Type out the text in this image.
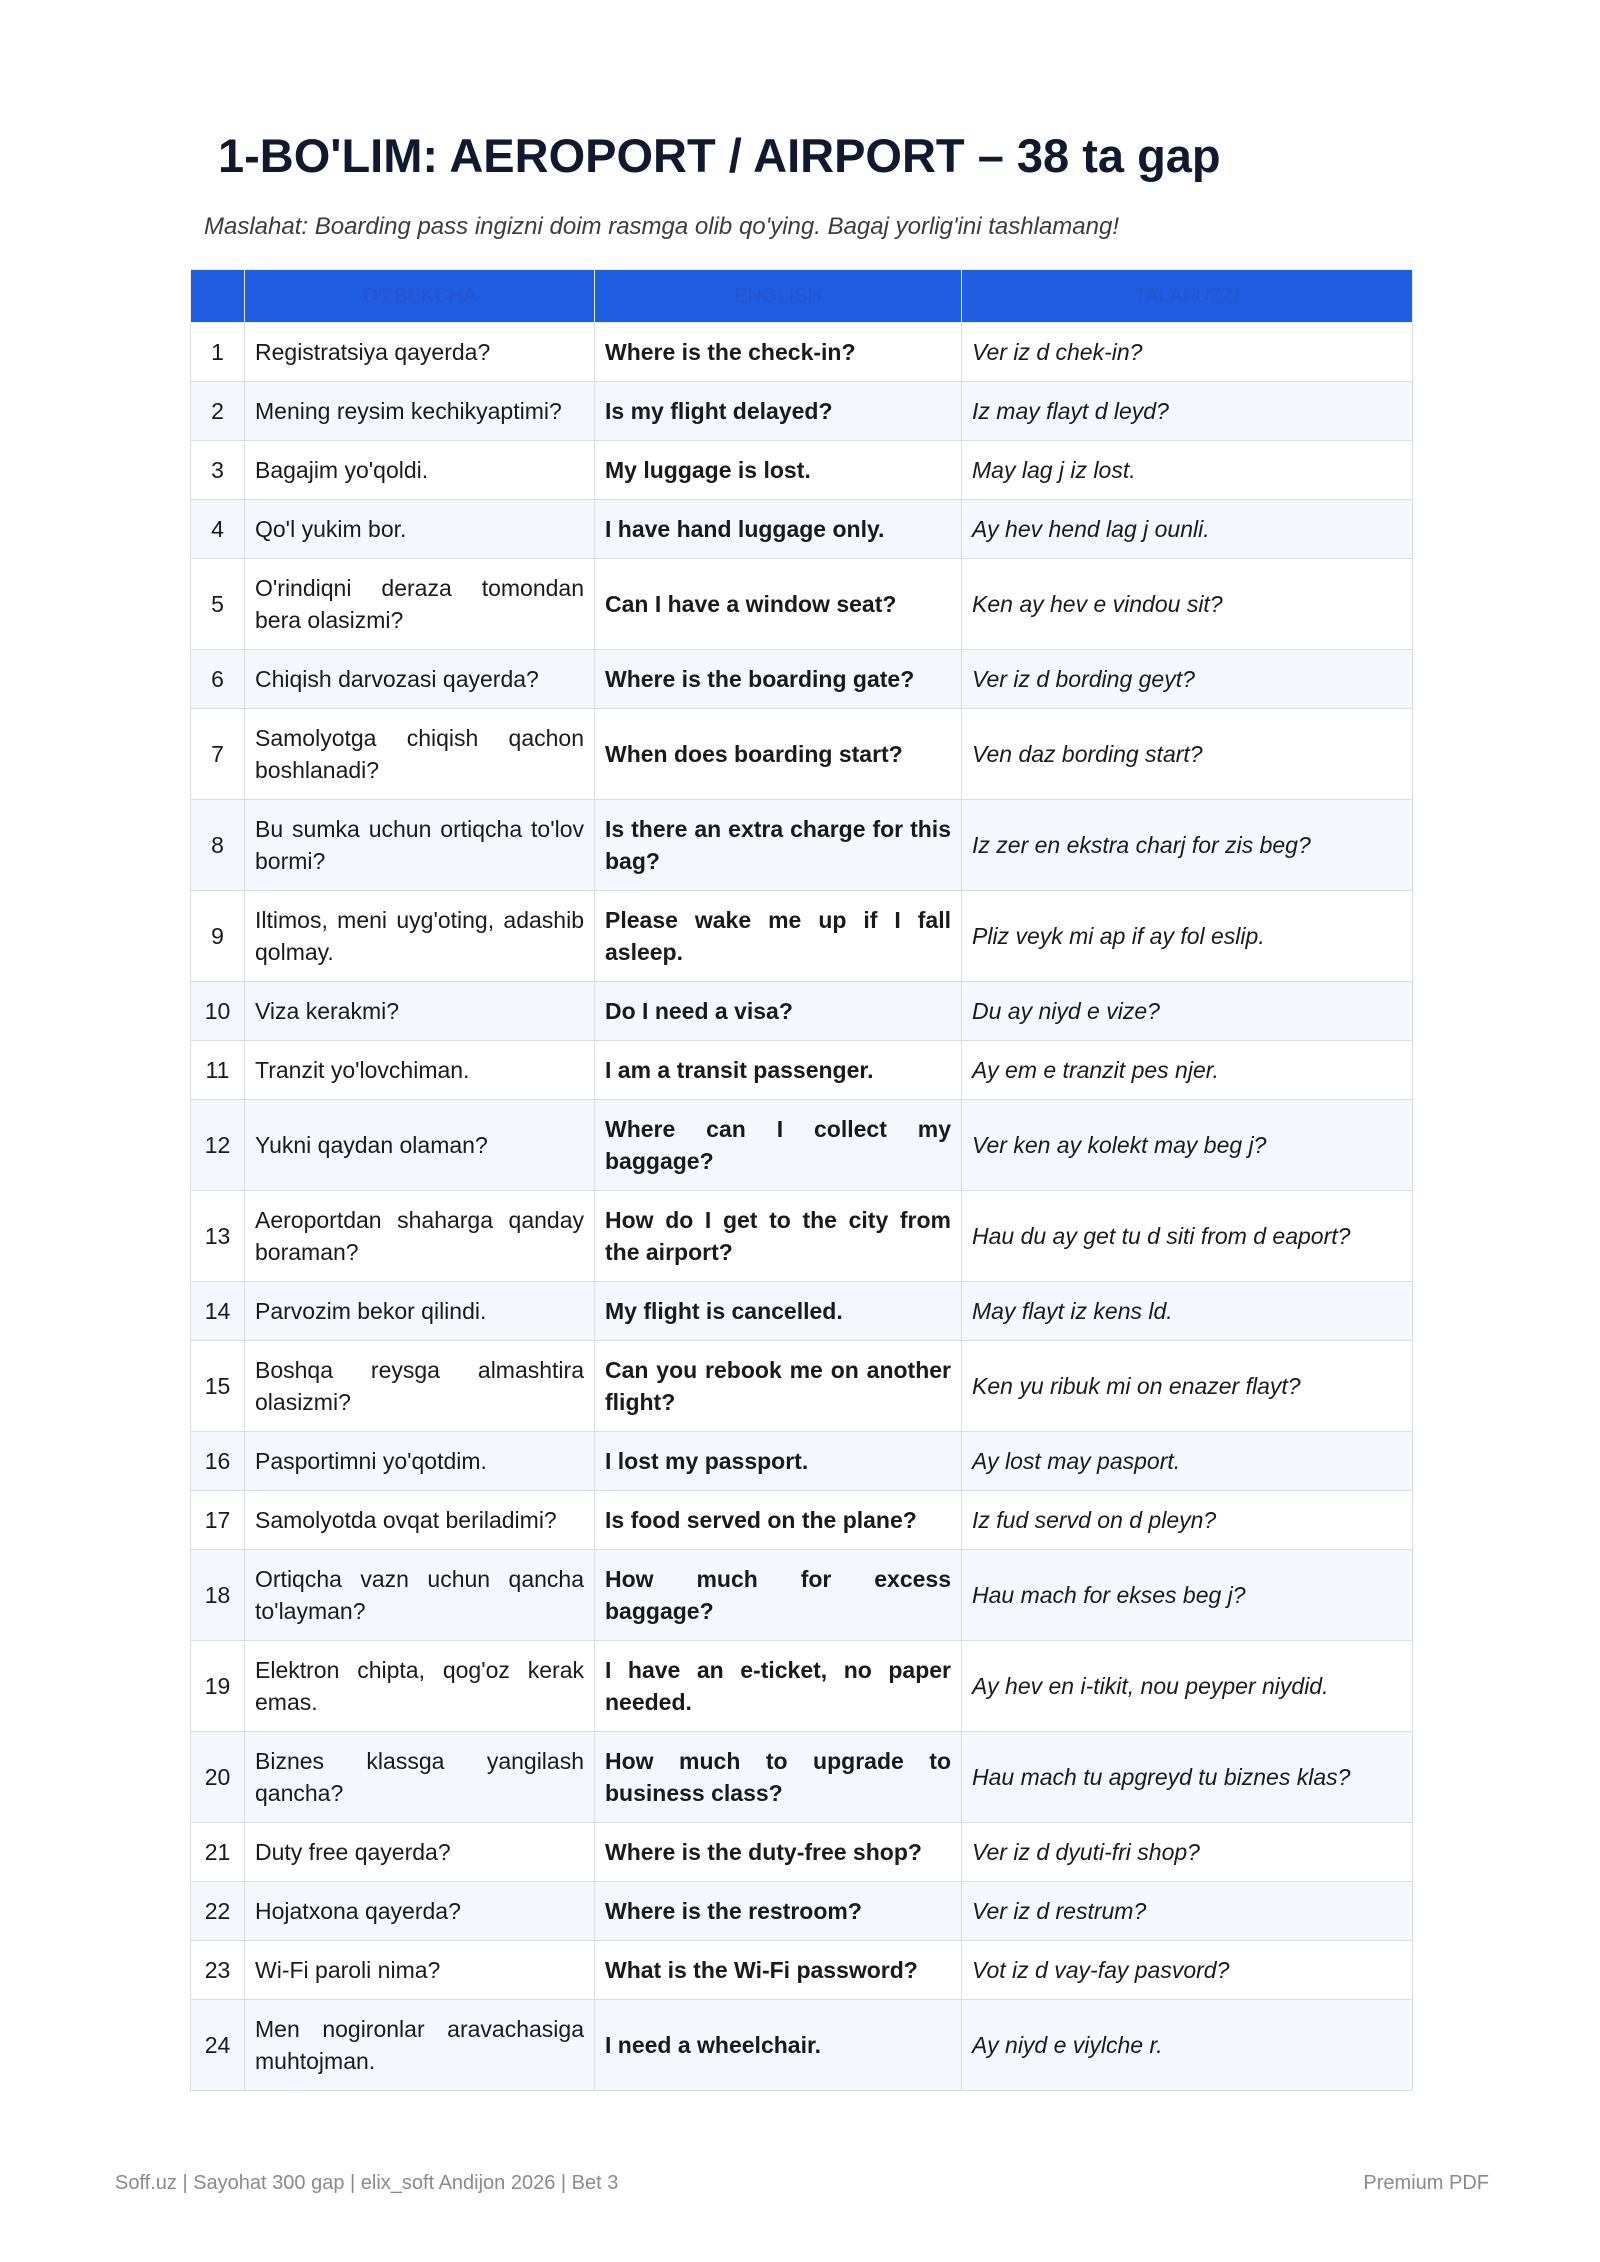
1-BO'LIM: AEROPORT / AIRPORT – 38 ta gap
Maslahat: Boarding pass ingizni doim rasmga olib qo'ying. Bagaj yorlig'ini tashlamang!
	O'ZBEKCHA	ENGLISH	TALAFUZZI
1	Registratsiya qayerda?	Where is the check-in?	Ver iz d chek-in?
2	Mening reysim kechikyaptimi?	Is my flight delayed?	Iz may flayt d leyd?
3	Bagajim yo'qoldi.	My luggage is lost.	May lag j iz lost.
4	Qo'l yukim bor.	I have hand luggage only.	Ay hev hend lag j ounli.
5	O'rindiqni deraza tomondan bera olasizmi?	Can I have a window seat?	Ken ay hev e vindou sit?
6	Chiqish darvozasi qayerda?	Where is the boarding gate?	Ver iz d bording geyt?
7	Samolyotga chiqish qachon boshlanadi?	When does boarding start?	Ven daz bording start?
8	Bu sumka uchun ortiqcha to'lov bormi?	Is there an extra charge for this bag?	Iz zer en ekstra charj for zis beg?
9	Iltimos, meni uyg'oting, adashib qolmay.	Please wake me up if I fall asleep.	Pliz veyk mi ap if ay fol eslip.
10	Viza kerakmi?	Do I need a visa?	Du ay niyd e vize?
11	Tranzit yo'lovchiman.	I am a transit passenger.	Ay em e tranzit pes njer.
12	Yukni qaydan olaman?	Where can I collect my baggage?	Ver ken ay kolekt may beg j?
13	Aeroportdan shaharga qanday boraman?	How do I get to the city from the airport?	Hau du ay get tu d siti from d eaport?
14	Parvozim bekor qilindi.	My flight is cancelled.	May flayt iz kens ld.
15	Boshqa reysga almashtira olasizmi?	Can you rebook me on another flight?	Ken yu ribuk mi on enazer flayt?
16	Pasportimni yo'qotdim.	I lost my passport.	Ay lost may pasport.
17	Samolyotda ovqat beriladimi?	Is food served on the plane?	Iz fud servd on d pleyn?
18	Ortiqcha vazn uchun qancha to'layman?	How much for excess baggage?	Hau mach for ekses beg j?
19	Elektron chipta, qog'oz kerak emas.	I have an e-ticket, no paper needed.	Ay hev en i-tikit, nou peyper niydid.
20	Biznes klassga yangilash qancha?	How much to upgrade to business class?	Hau mach tu apgreyd tu biznes klas?
21	Duty free qayerda?	Where is the duty-free shop?	Ver iz d dyuti-fri shop?
22	Hojatxona qayerda?	Where is the restroom?	Ver iz d restrum?
23	Wi-Fi paroli nima?	What is the Wi-Fi password?	Vot iz d vay-fay pasvord?
24	Men nogironlar aravachasiga muhtojman.	I need a wheelchair.	Ay niyd e viylche r.
Soff.uz | Sayohat 300 gap | elix_soft Andijon 2026 | Bet 3	Premium PDF
